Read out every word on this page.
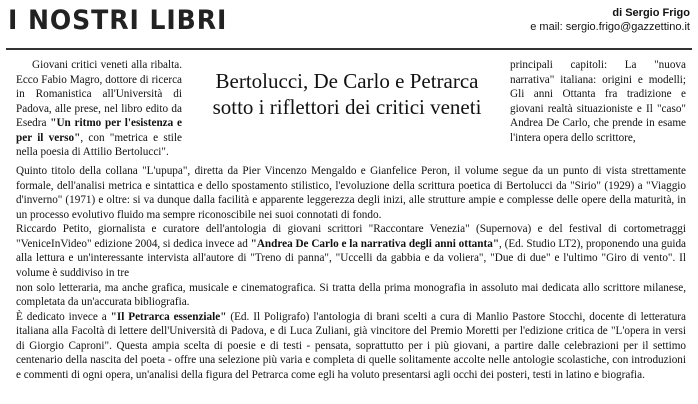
I NOSTRI LIBRI	di Sergio Frigo
e mail: sergio.frigo@gazzettino.it

Giovani critici veneti alla ribalta. Ecco Fabio Magro, dottore di ricerca in Romanistica all'Università di Padova, alle prese, nel libro edito da Esedra "Un ritmo per l'esistenza e per il verso", con "metrica e stile nella poesia di Attilio Bertolucci".

Bertolucci, De Carlo e Petrarca
sotto i riflettori dei critici veneti

principali capitoli: La "nuova narrativa" italiana: origini e modelli; Gli anni Ottanta fra tradizione e giovani realtà situazioniste e Il "caso" Andrea De Carlo, che prende in esame l'intera opera dello scrittore,

Quinto titolo della collana "L'upupa", diretta da Pier Vincenzo Mengaldo e Gianfelice Peron, il volume segue da un punto di vista strettamente formale, dell'analisi metrica e sintattica e dello spostamento stilistico, l'evoluzione della scrittura poetica di Bertolucci da "Sirio" (1929) a "Viaggio d'inverno" (1971) e oltre: si va dunque dalla facilità e apparente leggerezza degli inizi, alle strutture ampie e complesse delle opere della maturità, in un processo evolutivo fluido ma sempre riconoscibile nei suoi connotati di fondo.

Riccardo Petito, giornalista e curatore dell'antologia di giovani scrittori "Raccontare Venezia" (Supernova) e del festival di cortometraggi "VeniceInVideo" edizione 2004, si dedica invece ad "Andrea De Carlo e la narrativa degli anni ottanta", (Ed. Studio LT2), proponendo una guida alla lettura e un'interessante intervista all'autore di "Treno di panna", "Uccelli da gabbia e da voliera", "Due di due" e l'ultimo "Giro di vento". Il volume è suddiviso in tre

non solo letteraria, ma anche grafica, musicale e cinematografica. Si tratta della prima monografia in assoluto mai dedicata allo scrittore milanese, completata da un'accurata bibliografia.

È dedicato invece a "Il Petrarca essenziale" (Ed. Il Poligrafo) l'antologia di brani scelti a cura di Manlio Pastore Stocchi, docente di letteratura italiana alla Facoltà di lettere dell'Università di Padova, e di Luca Zuliani, già vincitore del Premio Moretti per l'edizione critica de "L'opera in versi di Giorgio Caproni". Questa ampia scelta di poesie e di testi - pensata, soprattutto per i più giovani, a partire dalle celebrazioni per il settimo centenario della nascita del poeta - offre una selezione più varia e completa di quelle solitamente accolte nelle antologie scolastiche, con introduzioni e commenti di ogni opera, un'analisi della figura del Petrarca come egli ha voluto presentarsi agli occhi dei posteri, testi in latino e biografia.
